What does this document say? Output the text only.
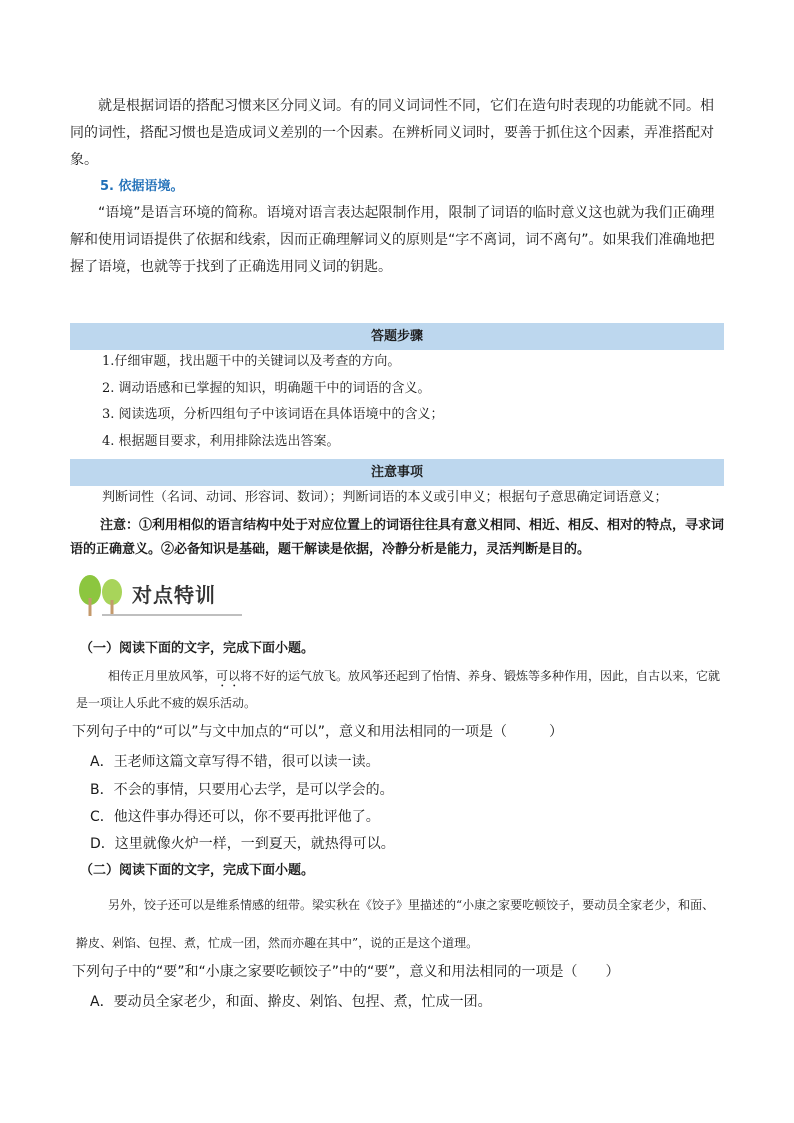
就是根据词语的搭配习惯来区分同义词。有的同义词词性不同，它们在造句时表现的功能就不同。相同的词性，搭配习惯也是造成词义差别的一个因素。在辨析同义词时，要善于抓住这个因素，弄准搭配对象。
5. 依据语境。
“语境”是语言环境的简称。语境对语言表达起限制作用，限制了词语的临时意义这也就为我们正确理解和使用词语提供了依据和线索，因而正确理解词义的原则是“字不离词，词不离句”。如果我们准确地把握了语境，也就等于找到了正确选用同义词的钥匙。
答题步骤
1.仔细审题，找出题干中的关键词以及考查的方向。
2. 调动语感和已掌握的知识，明确题干中的词语的含义。
3. 阅读选项，分析四组句子中该词语在具体语境中的含义；
4. 根据题目要求，利用排除法选出答案。
注意事项
判断词性（名词、动词、形容词、数词）；判断词语的本义或引申义；根据句子意思确定词语意义；
注意：①利用相似的语言结构中处于对应位置上的词语往往具有意义相同、相近、相反、相对的特点，寻求词语的正确意义。②必备知识是基础，题干解读是依据，冷静分析是能力，灵活判断是目的。
对点特训
（一）阅读下面的文字，完成下面小题。
相传正月里放风筝，可以将不好的运气放飞。放风筝还起到了怡情、养身、锻炼等多种作用，因此，自古以来，它就是一项让人乐此不疲的娱乐活动。
下列句子中的“可以”与文中加点的“可以”，意义和用法相同的一项是（　　　）
A．王老师这篇文章写得不错，很可以读一读。
B．不会的事情，只要用心去学，是可以学会的。
C．他这件事办得还可以，你不要再批评他了。
D．这里就像火炉一样，一到夏天，就热得可以。
（二）阅读下面的文字，完成下面小题。
另外，饺子还可以是维系情感的纽带。梁实秋在《饺子》里描述的“小康之家要吃顿饺子，要动员全家老少，和面、擀皮、剁馅、包捏、煮，忙成一团，然而亦趣在其中”，说的正是这个道理。
下列句子中的“要”和“小康之家要吃顿饺子”中的“要”，意义和用法相同的一项是（　　）
A．要动员全家老少，和面、擀皮、剁馅、包捏、煮，忙成一团。
